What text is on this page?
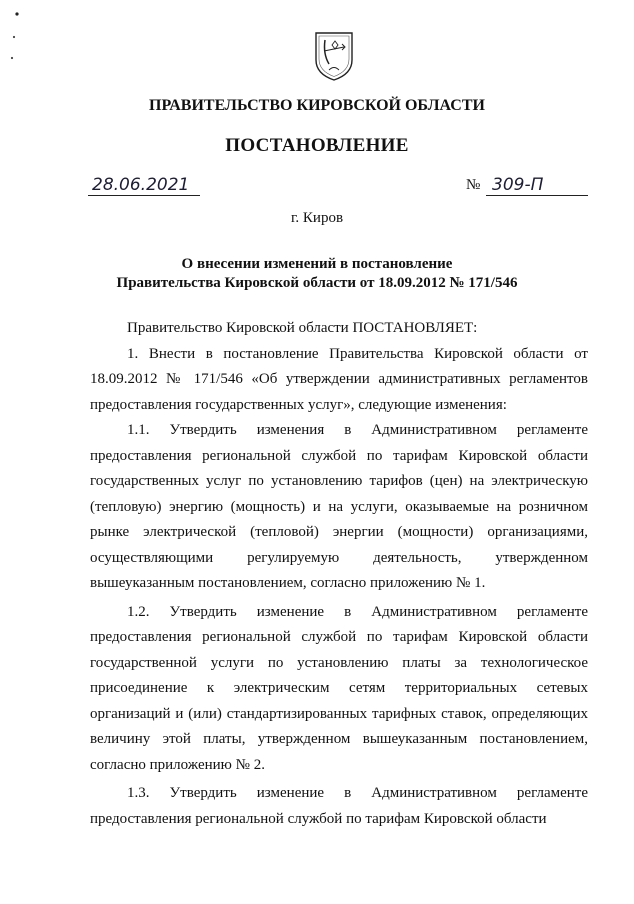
ПРАВИТЕЛЬСТВО КИРОВСКОЙ ОБЛАСТИ
ПОСТАНОВЛЕНИЕ
28.06.2021	№ 309-П
г. Киров
О внесении изменений в постановление
Правительства Кировской области от 18.09.2012 № 171/546

Правительство Кировской области ПОСТАНОВЛЯЕТ:

1. Внести в постановление Правительства Кировской области от 18.09.2012 № 171/546 «Об утверждении административных регламентов предоставления государственных услуг», следующие изменения:

1.1. Утвердить изменения в Административном регламенте предоставления региональной службой по тарифам Кировской области государственных услуг по установлению тарифов (цен) на электрическую (тепловую) энергию (мощность) и на услуги, оказываемые на розничном рынке электрической (тепловой) энергии (мощности) организациями, осуществляющими регулируемую деятельность, утвержденном вышеуказанным постановлением, согласно приложению № 1.

1.2. Утвердить изменение в Административном регламенте предоставления региональной службой по тарифам Кировской области государственной услуги по установлению платы за технологическое присоединение к электрическим сетям территориальных сетевых организаций и (или) стандартизированных тарифных ставок, определяющих величину этой платы, утвержденном вышеуказанным постановлением, согласно приложению № 2.

1.3. Утвердить изменение в Административном регламенте предоставления региональной службой по тарифам Кировской области
